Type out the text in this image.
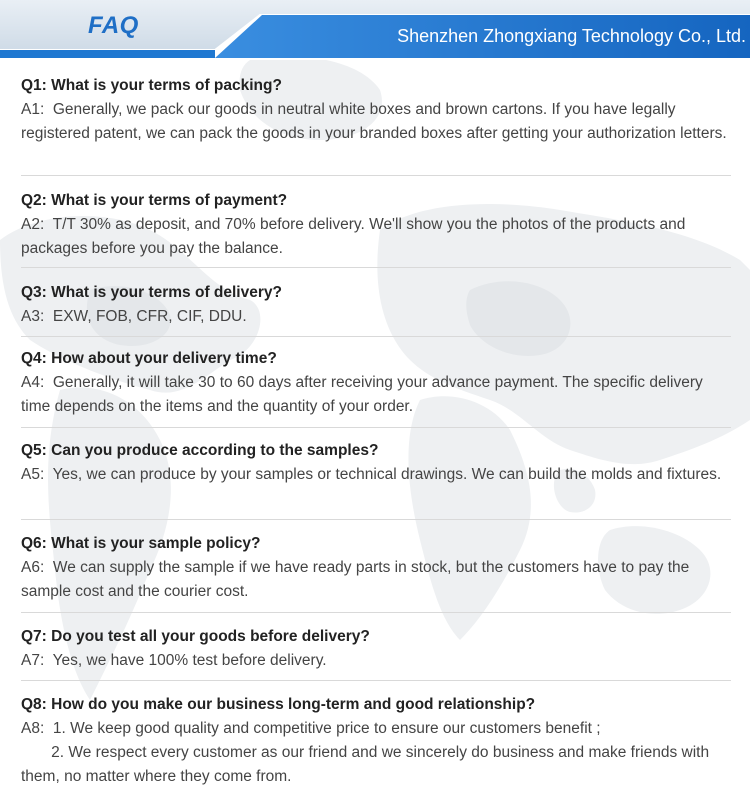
FAQ	Shenzhen Zhongxiang Technology Co., Ltd.
Q1: What is your terms of packing?
A1:  Generally, we pack our goods in neutral white boxes and brown cartons. If you have legally registered patent, we can pack the goods in your branded boxes after getting your authorization letters.
Q2: What is your terms of payment?
A2:  T/T 30% as deposit, and 70% before delivery. We'll show you the photos of the products and packages before you pay the balance.
Q3: What is your terms of delivery?
A3:  EXW, FOB, CFR, CIF, DDU.
Q4: How about your delivery time?
A4:  Generally, it will take 30 to 60 days after receiving your advance payment. The specific delivery time depends on the items and the quantity of your order.
Q5: Can you produce according to the samples?
A5:  Yes, we can produce by your samples or technical drawings. We can build the molds and fixtures.
Q6: What is your sample policy?
A6:  We can supply the sample if we have ready parts in stock, but the customers have to pay the sample cost and the courier cost.
Q7: Do you test all your goods before delivery?
A7:  Yes, we have 100% test before delivery.
Q8: How do you make our business long-term and good relationship?
A8:  1. We keep good quality and competitive price to ensure our customers benefit ;
2. We respect every customer as our friend and we sincerely do business and make friends with them, no matter where they come from.
